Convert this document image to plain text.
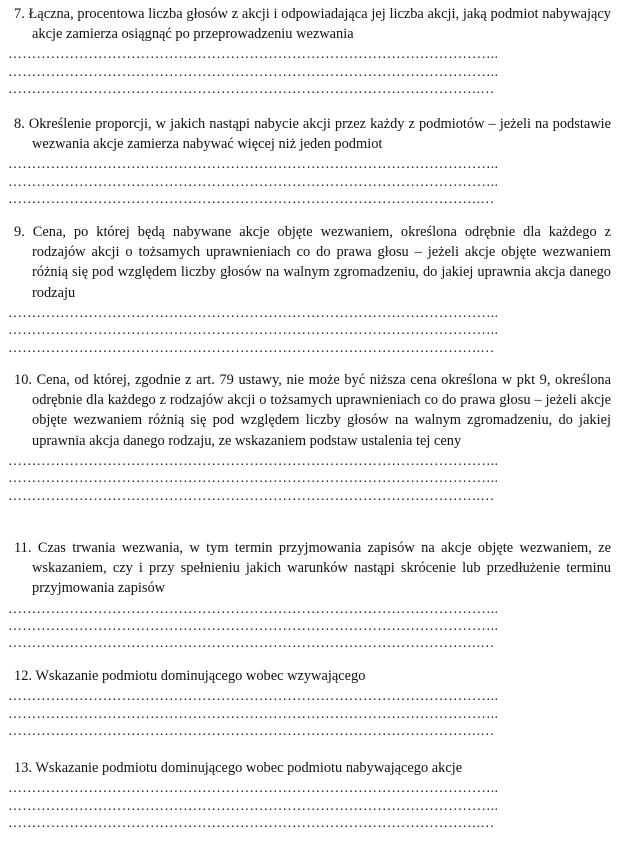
7. Łączna, procentowa liczba głosów z akcji i odpowiadająca jej liczba akcji, jaką podmiot nabywający akcje zamierza osiągnąć po przeprowadzeniu wezwania

…………………………………………………………………………………………..

…………………………………………………………………………………………..

……………………………………………………………………………………….…

8. Określenie proporcji, w jakich nastąpi nabycie akcji przez każdy z podmiotów – jeżeli na podstawie wezwania akcje zamierza nabywać więcej niż jeden podmiot

…………………………………………………………………………………………..

…………………………………………………………………………………………..

……………………………………………………………………………………….…

9. Cena, po której będą nabywane akcje objęte wezwaniem, określona odrębnie dla każdego z rodzajów akcji o tożsamych uprawnieniach co do prawa głosu – jeżeli akcje objęte wezwaniem różnią się pod względem liczby głosów na walnym zgromadzeniu, do jakiej uprawnia akcja danego rodzaju

…………………………………………………………………………………………..

…………………………………………………………………………………………..

……………………………………………………………………………………….…

10. Cena, od której, zgodnie z art. 79 ustawy, nie może być niższa cena określona w pkt 9, określona odrębnie dla każdego z rodzajów akcji o tożsamych uprawnieniach co do prawa głosu – jeżeli akcje objęte wezwaniem różnią się pod względem liczby głosów na walnym zgromadzeniu, do jakiej uprawnia akcja danego rodzaju, ze wskazaniem podstaw ustalenia tej ceny

…………………………………………………………………………………………..

…………………………………………………………………………………………..

……………………………………………………………………………………….…

11. Czas trwania wezwania, w tym termin przyjmowania zapisów na akcje objęte wezwaniem, ze wskazaniem, czy i przy spełnieniu jakich warunków nastąpi skrócenie lub przedłużenie terminu przyjmowania zapisów

…………………………………………………………………………………………..

…………………………………………………………………………………………..

……………………………………………………………………………………….…

12. Wskazanie podmiotu dominującego wobec wzywającego

…………………………………………………………………………………………..

…………………………………………………………………………………………..

……………………………………………………………………………………….…

13. Wskazanie podmiotu dominującego wobec podmiotu nabywającego akcje

…………………………………………………………………………………………..

…………………………………………………………………………………………..

……………………………………………………………………………………….…
